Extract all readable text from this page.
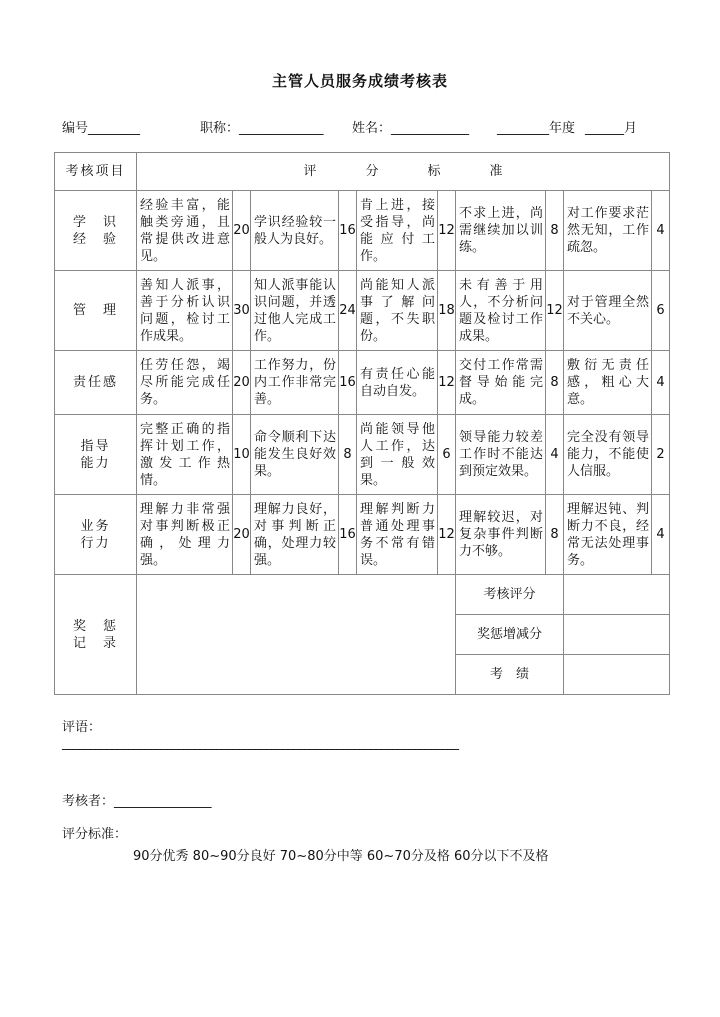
主管人员服务成绩考核表
编号________	职称：_____________ 姓名：____________ ________年度 ______月
考核项目	评 分 标 准									
学　识
经　验	经验丰富，能触类旁通，且常提供改进意见。	20	学识经验较一般人为良好。	16	肯上进，接受指导，尚能应付工作。	12	不求上进，尚需继续加以训练。	8	对工作要求茫然无知，工作疏忽。	4
管　理	善知人派事，善于分析认识问题，检讨工作成果。	30	知人派事能认识问题，并透过他人完成工作。	24	尚能知人派事了解问题，不失职份。	18	未有善于用人，不分析问题及检讨工作成果。	12	对于管理全然不关心。	6
责任感	任劳任怨，竭尽所能完成任务。	20	工作努力，份内工作非常完善。	16	有责任心能自动自发。	12	交付工作常需督导始能完成。	8	敷衍无责任感，粗心大意。	4
指导
能力	完整正确的指挥计划工作，激发工作热情。	10	命令顺利下达能发生良好效果。	8	尚能领导他人工作，达到一般效果。	6	领导能力较差工作时不能达到预定效果。	4	完全没有领导能力，不能使人信服。	2
业务
行力	理解力非常强对事判断极正确，处理力强。	20	理解力良好，对事判断正确，处理力较强。	16	理解判断力普通处理事务不常有错误。	12	理解较迟，对复杂事件判断力不够。	8	理解迟钝、判断力不良，经常无法处理事务。	4
奖　惩
记　录							考核评分			
							奖惩增减分			
							考　绩			
评语：
________________________________________________________________________
考核者：_______________
评分标准：
90分优秀 80~90分良好 70~80分中等 60~70分及格 60分以下不及格
